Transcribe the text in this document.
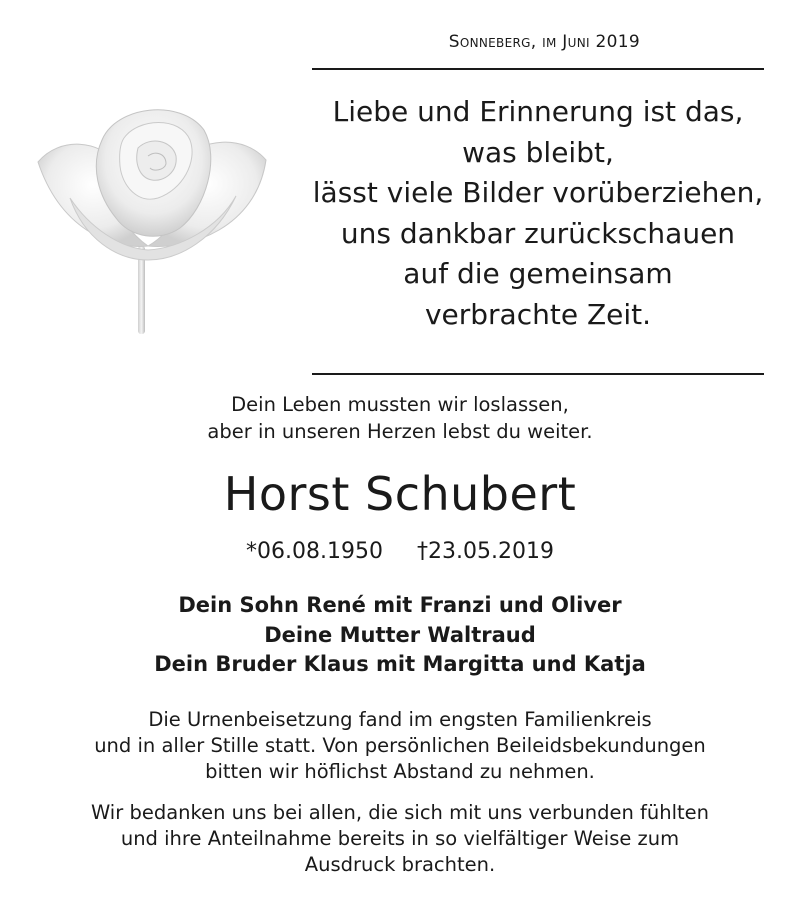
Sonneberg, im Juni 2019
Liebe und Erinnerung ist das,
was bleibt,
lässt viele Bilder vorüberziehen,
uns dankbar zurückschauen
auf die gemeinsam
verbrachte Zeit.
Dein Leben mussten wir loslassen,
aber in unseren Herzen lebst du weiter.
Horst Schubert
*06.08.1950 †23.05.2019
Dein Sohn René mit Franzi und Oliver
Deine Mutter Waltraud
Dein Bruder Klaus mit Margitta und Katja
Die Urnenbeisetzung fand im engsten Familienkreis
und in aller Stille statt. Von persönlichen Beileidsbekundungen
bitten wir höflichst Abstand zu nehmen.
Wir bedanken uns bei allen, die sich mit uns verbunden fühlten
und ihre Anteilnahme bereits in so vielfältiger Weise zum
Ausdruck brachten.
